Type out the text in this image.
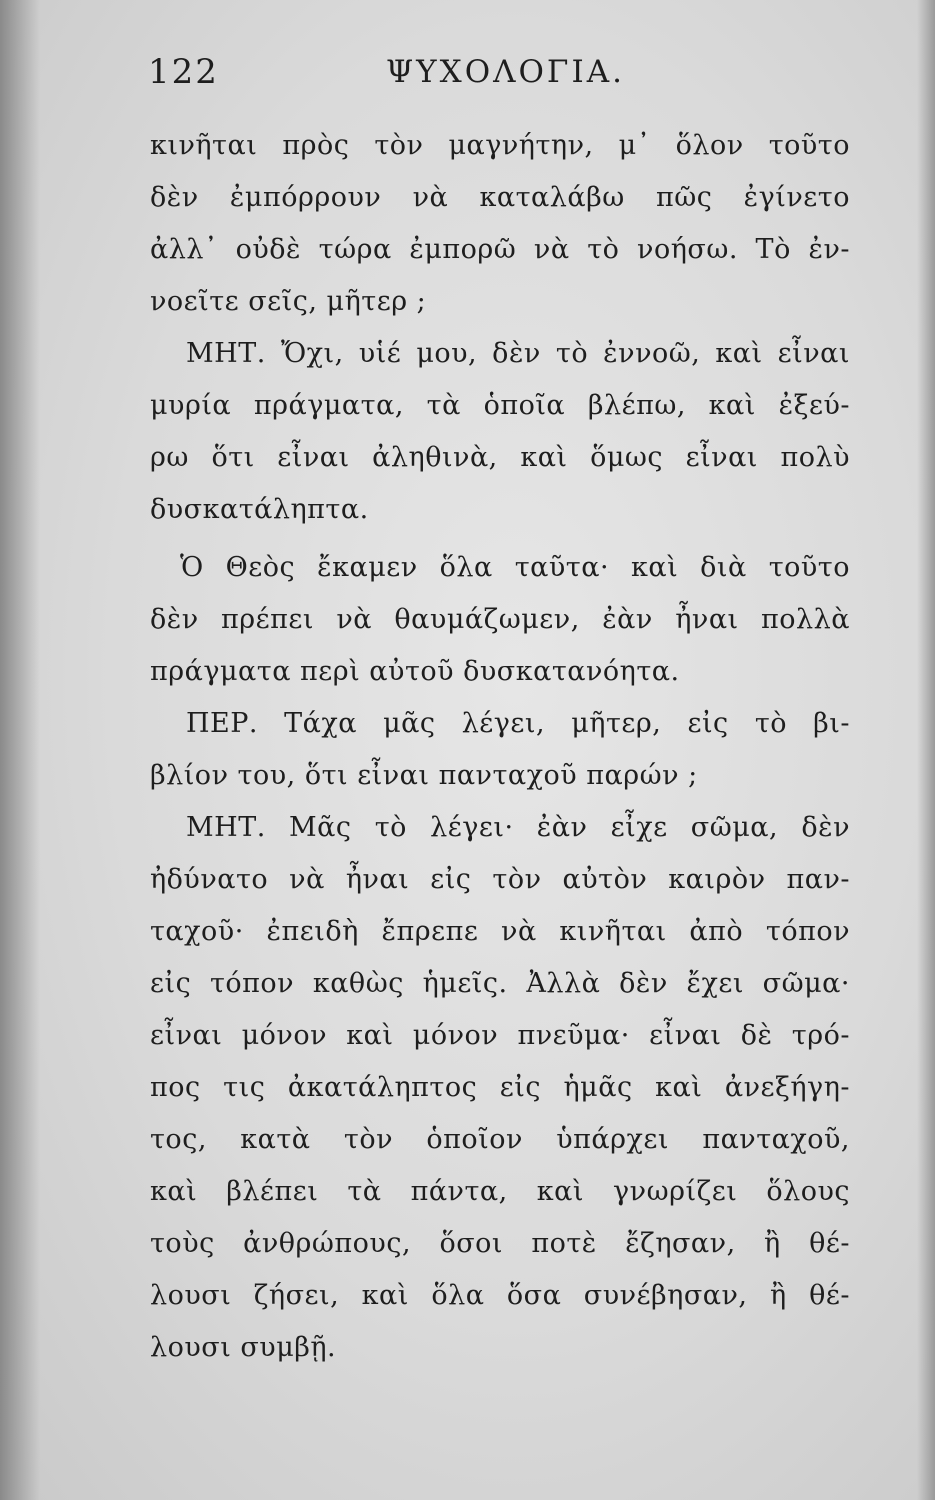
122	ΨΥΧΟΛΟΓΙΑ.
κινῆται πρὸς τὸν μαγνήτην, μ᾽ ὅλον τοῦτο
δὲν ἐμπόρρουν νὰ καταλάβω πῶς ἐγίνετο
ἀλλ᾽ οὐδὲ τώρα ἐμπορῶ νὰ τὸ νοήσω. Τὸ ἐν-
νοεῖτε σεῖς, μῆτερ ;
ΜΗΤ. Ὄχι, υἱέ μου, δὲν τὸ ἐννοῶ, καὶ εἶναι
μυρία πράγματα, τὰ ὁποῖα βλέπω, καὶ ἐξεύ-
ρω ὅτι εἶναι ἀληθινὰ, καὶ ὅμως εἶναι πολὺ
δυσκατάληπτα.
Ὁ Θεὸς ἔκαμεν ὅλα ταῦτα· καὶ διὰ τοῦτο
δὲν πρέπει νὰ θαυμάζωμεν, ἐὰν ἦναι πολλὰ
πράγματα περὶ αὐτοῦ δυσκατανόητα.
ΠΕΡ. Τάχα μᾶς λέγει, μῆτερ, εἰς τὸ βι-
βλίον του, ὅτι εἶναι πανταχοῦ παρών ;
ΜΗΤ. Μᾶς τὸ λέγει· ἐὰν εἶχε σῶμα, δὲν
ἠδύνατο νὰ ἦναι εἰς τὸν αὐτὸν καιρὸν παν-
ταχοῦ· ἐπειδὴ ἔπρεπε νὰ κινῆται ἀπὸ τόπον
εἰς τόπον καθὼς ἡμεῖς. Ἀλλὰ δὲν ἔχει σῶμα·
εἶναι μόνον καὶ μόνον πνεῦμα· εἶναι δὲ τρό-
πος τις ἀκατάληπτος εἰς ἡμᾶς καὶ ἀνεξήγη-
τος, κατὰ τὸν ὁποῖον ὑπάρχει πανταχοῦ,
καὶ βλέπει τὰ πάντα, καὶ γνωρίζει ὅλους
τοὺς ἀνθρώπους, ὅσοι ποτὲ ἔζησαν, ἢ θέ-
λουσι ζήσει, καὶ ὅλα ὅσα συνέβησαν, ἢ θέ-
λουσι συμβῇ.
